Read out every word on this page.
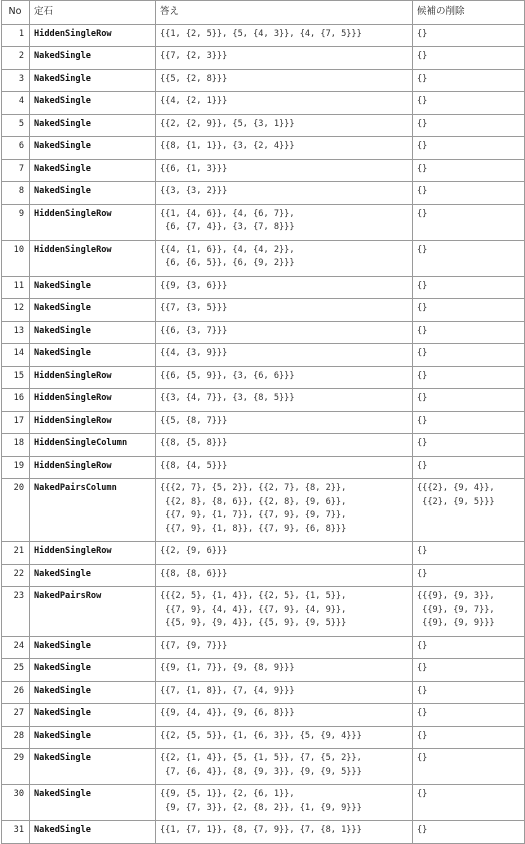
No	定石	答え	候補の削除
1	HiddenSingleRow	{{1, {2, 5}}, {5, {4, 3}}, {4, {7, 5}}}	{}
2	NakedSingle	{{7, {2, 3}}}	{}
3	NakedSingle	{{5, {2, 8}}}	{}
4	NakedSingle	{{4, {2, 1}}}	{}
5	NakedSingle	{{2, {2, 9}}, {5, {3, 1}}}	{}
6	NakedSingle	{{8, {1, 1}}, {3, {2, 4}}}	{}
7	NakedSingle	{{6, {1, 3}}}	{}
8	NakedSingle	{{3, {3, 2}}}	{}
9	HiddenSingleRow	{{1, {4, 6}}, {4, {6, 7}},
{6, {7, 4}}, {3, {7, 8}}}	{}
10	HiddenSingleRow	{{4, {1, 6}}, {4, {4, 2}},
{6, {6, 5}}, {6, {9, 2}}}	{}
11	NakedSingle	{{9, {3, 6}}}	{}
12	NakedSingle	{{7, {3, 5}}}	{}
13	NakedSingle	{{6, {3, 7}}}	{}
14	NakedSingle	{{4, {3, 9}}}	{}
15	HiddenSingleRow	{{6, {5, 9}}, {3, {6, 6}}}	{}
16	HiddenSingleRow	{{3, {4, 7}}, {3, {8, 5}}}	{}
17	HiddenSingleRow	{{5, {8, 7}}}	{}
18	HiddenSingleColumn	{{8, {5, 8}}}	{}
19	HiddenSingleRow	{{8, {4, 5}}}	{}
20	NakedPairsColumn	{{{2, 7}, {5, 2}}, {{2, 7}, {8, 2}},
{{2, 8}, {8, 6}}, {{2, 8}, {9, 6}},
{{7, 9}, {1, 7}}, {{7, 9}, {9, 7}},
{{7, 9}, {1, 8}}, {{7, 9}, {6, 8}}}	{{{2}, {9, 4}},
{{2}, {9, 5}}}
21	HiddenSingleRow	{{2, {9, 6}}}	{}
22	NakedSingle	{{8, {8, 6}}}	{}
23	NakedPairsRow	{{{2, 5}, {1, 4}}, {{2, 5}, {1, 5}},
{{7, 9}, {4, 4}}, {{7, 9}, {4, 9}},
{{5, 9}, {9, 4}}, {{5, 9}, {9, 5}}}	{{{9}, {9, 3}},
{{9}, {9, 7}},
{{9}, {9, 9}}}
24	NakedSingle	{{7, {9, 7}}}	{}
25	NakedSingle	{{9, {1, 7}}, {9, {8, 9}}}	{}
26	NakedSingle	{{7, {1, 8}}, {7, {4, 9}}}	{}
27	NakedSingle	{{9, {4, 4}}, {9, {6, 8}}}	{}
28	NakedSingle	{{2, {5, 5}}, {1, {6, 3}}, {5, {9, 4}}}	{}
29	NakedSingle	{{2, {1, 4}}, {5, {1, 5}}, {7, {5, 2}},
{7, {6, 4}}, {8, {9, 3}}, {9, {9, 5}}}	{}
30	NakedSingle	{{9, {5, 1}}, {2, {6, 1}},
{9, {7, 3}}, {2, {8, 2}}, {1, {9, 9}}}	{}
31	NakedSingle	{{1, {7, 1}}, {8, {7, 9}}, {7, {8, 1}}}	{}
